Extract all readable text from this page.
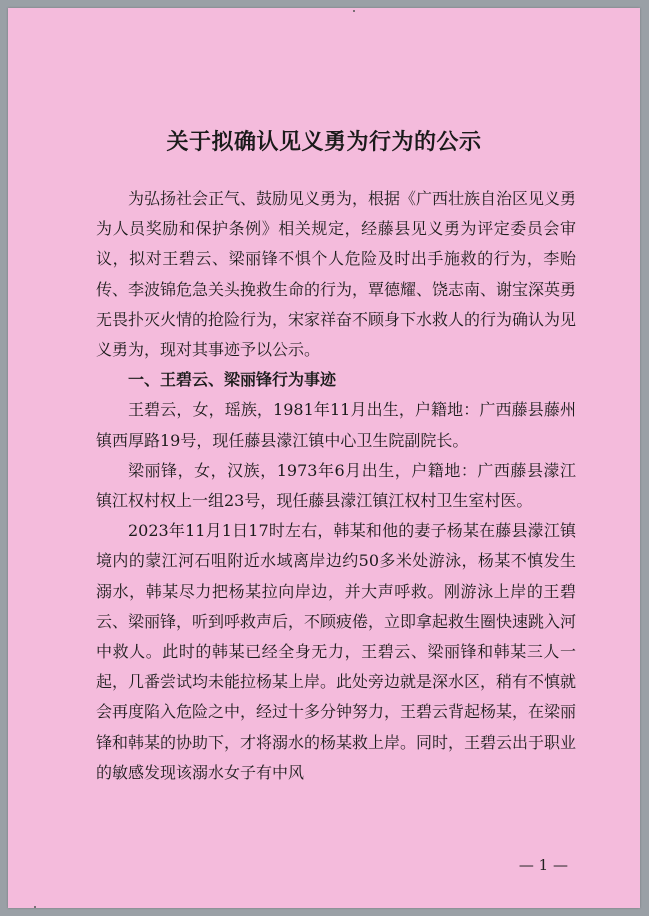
关于拟确认见义勇为行为的公示

为弘扬社会正气、鼓励见义勇为，根据《广西壮族自治区见义勇为人员奖励和保护条例》相关规定，经藤县见义勇为评定委员会审议，拟对王碧云、梁丽锋不惧个人危险及时出手施救的行为，李贻传、李波锦危急关头挽救生命的行为，覃德耀、饶志南、谢宝深英勇无畏扑灭火情的抢险行为，宋家祥奋不顾身下水救人的行为确认为见义勇为，现对其事迹予以公示。

一、王碧云、梁丽锋行为事迹

王碧云，女，瑶族，1981年11月出生，户籍地：广西藤县藤州镇西厚路19号，现任藤县濛江镇中心卫生院副院长。

梁丽锋，女，汉族，1973年6月出生，户籍地：广西藤县濛江镇江权村权上一组23号，现任藤县濛江镇江权村卫生室村医。

2023年11月1日17时左右，韩某和他的妻子杨某在藤县濛江镇境内的蒙江河石咀附近水域离岸边约50多米处游泳，杨某不慎发生溺水，韩某尽力把杨某拉向岸边，并大声呼救。刚游泳上岸的王碧云、梁丽锋，听到呼救声后，不顾疲倦，立即拿起救生圈快速跳入河中救人。此时的韩某已经全身无力，王碧云、梁丽锋和韩某三人一起，几番尝试均未能拉杨某上岸。此处旁边就是深水区，稍有不慎就会再度陷入危险之中，经过十多分钟努力，王碧云背起杨某，在梁丽锋和韩某的协助下，才将溺水的杨某救上岸。同时，王碧云出于职业的敏感发现该溺水女子有中风

— 1 —
